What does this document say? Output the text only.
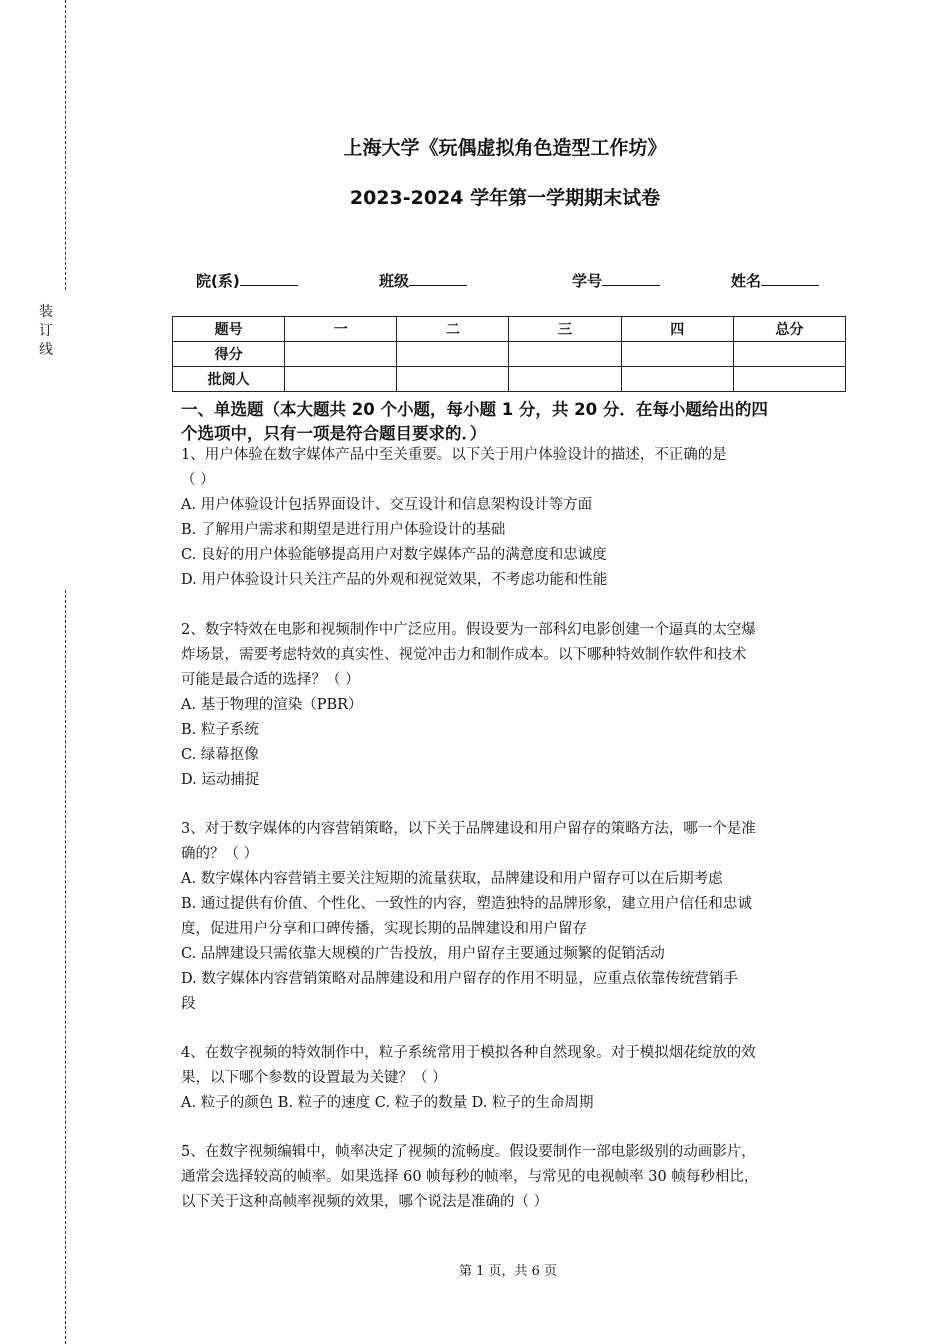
装
订
线
上海大学《玩偶虚拟角色造型工作坊》
2023-2024 学年第一学期期末试卷
院(系)	班级	学号	姓名
题号	一	二	三	四	总分
得分					
批阅人					
一、单选题（本大题共 20 个小题，每小题 1 分，共 20 分．在每小题给出的四
个选项中，只有一项是符合题目要求的．）
1、用户体验在数字媒体产品中至关重要。以下关于用户体验设计的描述，不正确的是
（ ）
A. 用户体验设计包括界面设计、交互设计和信息架构设计等方面
B. 了解用户需求和期望是进行用户体验设计的基础
C. 良好的用户体验能够提高用户对数字媒体产品的满意度和忠诚度
D. 用户体验设计只关注产品的外观和视觉效果，不考虑功能和性能
2、数字特效在电影和视频制作中广泛应用。假设要为一部科幻电影创建一个逼真的太空爆
炸场景，需要考虑特效的真实性、视觉冲击力和制作成本。以下哪种特效制作软件和技术
可能是最合适的选择？（ ）
A. 基于物理的渲染（PBR）
B. 粒子系统
C. 绿幕抠像
D. 运动捕捉
3、对于数字媒体的内容营销策略，以下关于品牌建设和用户留存的策略方法，哪一个是准
确的？（ ）
A. 数字媒体内容营销主要关注短期的流量获取，品牌建设和用户留存可以在后期考虑
B. 通过提供有价值、个性化、一致性的内容，塑造独特的品牌形象，建立用户信任和忠诚
度，促进用户分享和口碑传播，实现长期的品牌建设和用户留存
C. 品牌建设只需依靠大规模的广告投放，用户留存主要通过频繁的促销活动
D. 数字媒体内容营销策略对品牌建设和用户留存的作用不明显，应重点依靠传统营销手
段
4、在数字视频的特效制作中，粒子系统常用于模拟各种自然现象。对于模拟烟花绽放的效
果，以下哪个参数的设置最为关键？（ ）
A. 粒子的颜色 B. 粒子的速度 C. 粒子的数量 D. 粒子的生命周期
5、在数字视频编辑中，帧率决定了视频的流畅度。假设要制作一部电影级别的动画影片，
通常会选择较高的帧率。如果选择 60 帧每秒的帧率，与常见的电视帧率 30 帧每秒相比，
以下关于这种高帧率视频的效果，哪个说法是准确的（ ）
第 1 页，共 6 页
